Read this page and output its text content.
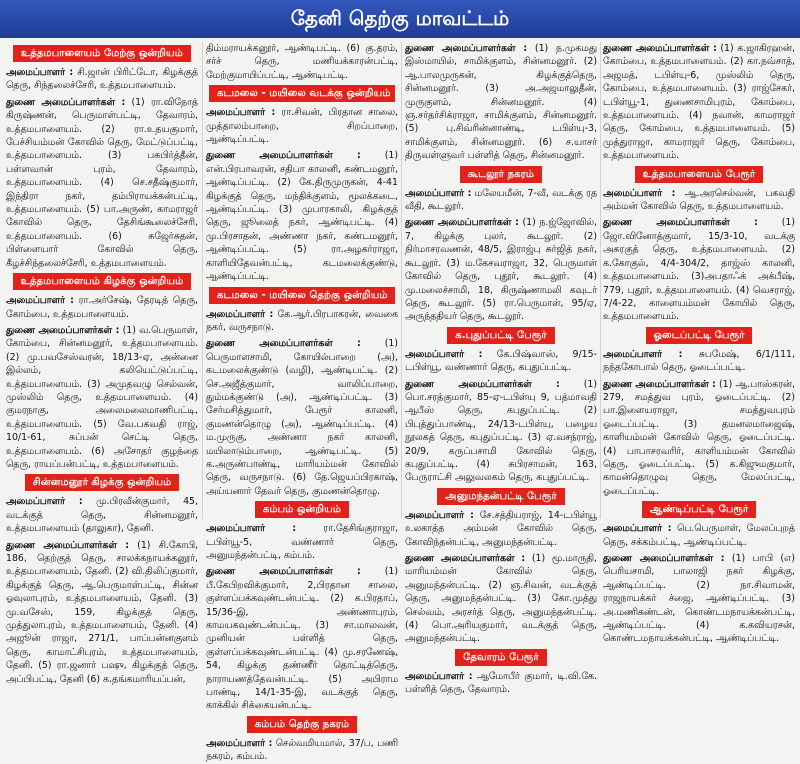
தேனி தெற்கு மாவட்டம்
உத்தமபாளையம் மேற்கு ஒன்றியம்

அமைப்பாளர் : சி.ஜான் பிரிட்டோ, கிழக்குத் தெரு, சிந்தலைச்சேரி, உத்தமபாளையம்.

துணை அமைப்பாளர்கள் : (1) ரா.விநோத் கிருஷ்ணன், பெருமாள்பட்டி, தேவாரம், உத்தமபாளையம். (2) ரா.உதயகுமார், பேச்சியம்மன் கோவில் தெரு, மேட்டுப்பட்டி, உத்தமபாளையம். (3) பசுபிர்த்தீன், பள்ளவான் புரம், தேவாரம், உத்தமபாளையம். (4) செ.சதீஷ்குமார், இந்திரா நகர், தம்பிராயக்கன்பட்டி, உத்தமபாளையம். (5) பா.அருண், காமராஜர் கோவில் தெரு, தேசிங்கூலைச்சேரி, உத்தமபாளையம். (6) சுஜேர்சுதன், பிள்ளையார் கோவில் தெரு, கீழச்சிந்தலைச்சேரி, உத்தமபாளையம்.

உத்தமபாளையம் கிழக்கு ஒன்றியம்

அமைப்பாளர் : ரா.அர்சேஷ், தேரடித் தெரு, கோம்பை, உத்தமபாளையம்.

துணை அமைப்பாளர்கள் : (1) வ.பெருமாள், கோம்பை, சின்னமனூர், உத்தமபாளையம். (2) மு.பவசேஸ்வரன், 18/13-ஏ, அன்னை இல்லம், கலியெட்டுப்பட்டி, உத்தமபாளையம். (3) அமுதவழு செல்வன், முஸ்லிம் தெரு, உத்தமபாளையம். (4) குமரநாகு, அலைமலைமாணிபட்டி, உத்தமபாளையம். (5) வே.பகவதி ராஜ், 10/1-61, சுப்பன் செட்டி தெரு, உத்தமபாளையம். (6) அசோதர் குழந்தை தெரு, ராயப்பன்பட்டி, உத்தமபாளையம்.

சின்னமனூர் கிழக்கு ஒன்றியம்

அமைப்பாளர் : மு.பிரவீன்குமார், 45, வடக்குத் தெரு, சின்னமனூர், உத்தமபாளையம் (தாலுகா), தேனி.

துணை அமைப்பாளர்கள் : (1) சி.கோபி, 186, தெற்குத் தெரு, சாலக்கநாயக்கனூர், உத்தமபாளையம், தேனி. (2) வி.திலிப்குமார், கிழக்குத் தெரு, ஆ.பெருமாள்பட்டி, சின்ன ஓவுலாபுரம், உத்தமபாளையம், தேனி. (3) மு.வசேஸ், 159, கிழக்குத் தெரு, முத்துலாபுரம், உத்தமபாளையம், தேனி. (4) அஜூன் ராஜா, 271/1, பாப்பன்னகுளம் தெரு, காமாட்சிபுரம், உத்தமபாளையம், தேனி. (5) ரா.ஜனார் பஷு, கிழக்குத் தெரு, அப்பிபட்டி, தேனி (6) க.தங்கமாரியப்பன்,

திம்மராயக்கனூர், ஆண்டிபட்டி. (6) கு.தரம், சர்ச் தெரு, மணியக்காரன்பட்டி, மேற்குமாயிப்பட்டி, ஆண்டிபட்டி.

கடமலை - மயிலை வடக்கு ஒன்றியம்

அமைப்பாளர் : ரா.சிவன், பிரதான சாலை, முத்தாலம்பாறை, சிறப்பாறை, ஆண்டிப்பட்டி.

துணை அமைப்பாளர்கள் :	(1) என்.பிரபாவரன், சதிபா காலனி, கண்டமனூர், ஆண்டிப்பட்டி. (2) கே.திருமுருகன், 4-41 கிழக்குத் தெரு, மந்திக்குளம், மூலக்கடை, ஆண்டிப்பட்டி. (3) முபாரகாலி, கிழக்குத் தெரு, ஜூலைத் நகர், ஆண்டிபட்டி. (4) மு.பிரசாதன், அண்ணா நகர், கண்டமனூர், ஆண்டிப்பட்டி. (5) ரா.அழகர்ராஜா, காளியிதேவன்பட்டி, கடமலைக்குண்டு, ஆண்டிப்பட்டி.

கடமலை - மயிலை தெற்கு ஒன்றியம்

அமைப்பாளர் : கே.ஆர்.பிரபாகரன், வைகை நகர், வருசநாடு.

துணை அமைப்பாளர்கள் :	(1) பெருமாளசாமி, கோயில்பாறை (அ), கடமலைக்குண்டு (வழி), ஆண்டிபட்டி. (2) செ.அஜீத்குமார், வாலிப்பாறை, தும்மக்குண்டு (அ), ஆண்டிப்பட்டி. (3) சேர்மசித்துமார், பேரூர் காலனி, குமணன்தொழு (அ), ஆண்டிப்பட்டி. (4) ம.முருகு, அண்ணா நகர் காலனி, மயிலாடும்பாறை, ஆண்டிபட்டி. (5) க.அருண்பாண்டி, மாரியம்மன் கோவில் தெரு, வருசநாடு. (6) தே.ஜெயப்பிரகாஷ், அய்யனார் தேவர் தெரு, குமணன்தொழு.

கம்பம் ஒன்றியம்

அமைப்பாளர் :	ரா.தேசிங்குராஜா, டபிள்யூ-5, வண்ணார் தெரு, அனுமந்தன்பட்டி, கம்பம்.

துணை அமைப்பாளர்கள் :	(1) பீ.கேபிறவிக்குமார், 2,பிரதான சாலை, குள்ளப்பக்கவுண்டன்பட்டி. (2) க.பிரதாப், 15/36-இ, அண்ணாபுரம், காமயகவுண்டன்பட்டி. (3) சா.மாலவன், முனியன் பள்ளித் தெரு, குள்ளப்பக்கவுண்டன்பட்டி. (4) மு.சரணேஷ், 54, கிழக்கு தண்ணீர் தொட்டித்தெரு, நாராயணத்தேவன்பட்டி. (5) அபிராம பாண்டி, 14/1-35-இ, வடக்குத் தெரு, காக்கில் சிக்கையன்பட்டி.

கம்பம் தெற்கு நகரம்

அமைப்பாளர் : செல்வமியமால், 37/ப, பணி நகரம், கம்பம்.

துணை அமைப்பாளர்கள் : (1) ந.முகமது இஸ்மாயில், சாமிக்குளம், சின்னமனூர். (2) ஆ.பாலமுருகன், கிழக்குத்தெரு, சின்னமனூர். (3) அ.அஜமாலுதீன், முருகுளம், சின்னமனூர். (4) ஞ.சர்தர்சிக்ராஜா, சாமிக்குளம், சின்னமனூர். (5) பு.சிவ்ரின்னாண்டி, டபிள்யு-3, சாமிக்குளம், சின்னமனூர். (6) ச.யாசர் திருவள்ளுவர் பள்ளித் தெரு, சின்னமனூர்.

கூடலூர் நகரம்

அமைப்பாளர் : மலேயமீன், 7-வீ, வடக்கு ரத வீதி, கூடலூர்.

துணை அமைப்பாளர்கள் : (1) ந.ஜ்ஜோவில், 7, கிழக்கு புலர், கூடலூர். (2) நிர்மாசரவணன், 48/5, இராஜ்பு சுர்ஜித் நகர், கூடலூர். (3) ம.கேசவராஜா, 32, பெருமாள் கோவில் தெரு, புதூர், கூடலூர். (4) மு.மலைச்சாமி, 18, கிருஷ்ணாமலி கவுடர் தெரு, கூடலூர். (5) ரா.பெருமாள், 95/ஏ, அருந்ததியர் தெரு, கூடலூர்.

க.புதுப்பட்டி பேரூர்

அமைப்பாளர் : கே.பிஷ்வாஸ், 9/15-டபிள்யூ, வண்ணார் தெரு, கபுதுப்பட்டி.

துணை அமைப்பாளர்கள் :	(1) பொ.சரத்குமார், 85-ஏ-டபிள்யு 9, பத்மாவதி ஆபீஸ் தெரு, கபுதுப்பட்டி. (2) பிபுத்துப்பாண்டி, 24/13-டபிள்யு, பழைய நூலகத் தெரு, கபுதுப்பட்டி. (3) ஏ.வசந்ராஜ், 20/9, கருப்பசாமி கோவில் தெரு, கபுதுப்பட்டி. (4) சுபிரசாமன், 163, பேருராட்சி அலுவலகம் தெரு, கபுதுப்பட்டி.

அனுமந்தன்பட்டி பேரூர்

அமைப்பாளர் : சே.சத்தியராஜ், 14-டபிள்யூ உலகாத்த அம்மன் கோவில் தெரு, கோவிந்தன்பட்டி, அனுமந்தன்பட்டி.

துணை அமைப்பாளர்கள் : (1) மூ.மாருதி, மாரியம்மன் கோவில் தெரு, அனுமந்தன்பட்டி. (2) ஞ.சிவன், வடக்குத் தெரு, அனுமந்தன்பட்டி. (3) கோ.முத்து செல்வம், அரசர்த் தெரு, அனுமந்தன்பட்டி. (4) பொ.அரியகுமார், வடக்குத் தெரு, அனுமந்தன்பட்டி.

தேவாரம் பேரூர்

அமைப்பாளர் : ஆமோபீர் குமார், டி.வி.கே. பள்ளித் தெரு, தேவாரம்.

துணை அமைப்பாளர்கள் : (1) க.ஜாகிரஹன், கோம்பை, உத்தமபாளையம். (2) கா.நவ்சாத், அஜமத், டபிள்யு-6, முஸ்லிம் தெரு, கோம்பை, உத்தமபாளையம். (3) ராஜ்சேகர், டபிள்யூ-1, துணைசாமிபுரம், கோம்பை, உத்தமபாளையம். (4) நவான், காமராஜர் தெரு, கோம்பை, உத்தமபாளையம். (5) முத்துராஜா, காமராஜர் தெரு, கோம்பை, உத்தமபாளையம்.

உத்தமபாளையம் பேரூர்

அமைப்பாளர் : ஆ.அரசெல்வன், பகவதி அம்மன் கோவில் தெரு, உத்தமபாளையம்.

துணை அமைப்பாளர்கள் :	(1) ஜோ.வினோத்குமார், 15/3-10, வடக்கு அகரகுத் தெரு, உத்தமபாளையம். (2) க.கோகுல், 4/4-304/2, தாஜ்ஸ் காலனி, உத்தமபாளையம். (3)அபதாஃக் அக்பீஷ், 779, புதூர், உத்தமபாளையம். (4) வெசராஜ், 7/4-22, காளையம்மன் கோயில் தெரு, உத்தமபாளையம்.

ஓடைப்பட்டி பேரூர்

அமைப்பாளர் : சுபமேஷ், 6/1/111, நந்தகோபால் தெரு, ஓடைப்பட்டி.

துணை அமைப்பாளர்கள் : (1) ஆ.பாஸ்கரன், 279, சமத்துவ புரம், ஓடைப்பட்டி. (2) பா.இளையராஜா, சமத்துவபுரம் ஓடைப்பட்டி. (3) தமனலமாஜைஷ், காளியம்மன் கோவில் தெரு, ஓடைப்பட்டி. (4) பாபாசரவரிர், காளியம்மன் கோவில் தெரு, ஓடைப்பட்டி. (5) க.கிஜுமகுமார், காமன்தொழுவு தெரு, மேலப்பட்டி, ஓடைப்பட்டி.

ஆண்டிப்பட்டி பேரூர்

அமைப்பாளர் : பெ.பெருமாள், மேலப்புறத் தெரு, சக்கம்பட்டி, ஆண்டிப்பட்டி.

துணை அமைப்பாளர்கள் : (1) பாபி (எ) பெரியசாமி, பாலாஜி நகர் கிழக்கு, ஆண்டிப்பட்டி. (2) நா.சிவாமன், ராஜநாயக்கர் ச்ஜை, ஆண்டிப்பட்டி. (3) அ.மணிகண்டன், கொண்டமநாயக்கன்பட்டி, ஆண்டிப்பட்டி. (4) க.கவியரசன், கொண்டமநாயக்கன்பட்டி, ஆண்டிப்பட்டி.
